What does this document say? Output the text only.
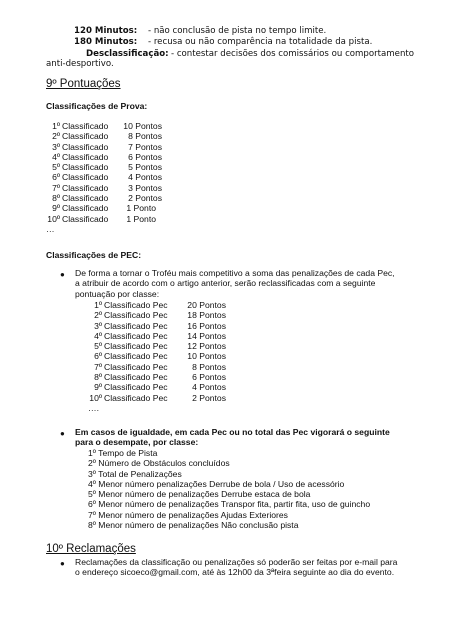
120 Minutos: - não conclusão de pista no tempo limite.
180 Minutos: - recusa ou não comparência na totalidade da pista.
Desclassificação: - contestar decisões dos comissários ou comportamento
anti-desportivo.
9º Pontuações
Classificações de Prova:
1º Classificado 10 Pontos
2º Classificado 8 Pontos
3º Classificado 7 Pontos
4º Classificado 6 Pontos
5º Classificado 5 Pontos
6º Classificado 4 Pontos
7º Classificado 3 Pontos
8º Classificado 2 Pontos
9º Classificado 1 Ponto
10º Classificado 1 Ponto
…
Classificações de PEC:
● De forma a tornar o Troféu mais competitivo a soma das penalizações de cada Pec,
a atribuir de acordo com o artigo anterior, serão reclassificadas com a seguinte
pontuação por classe:
1º Classificado Pec 20 Pontos
2º Classificado Pec 18 Pontos
3º Classificado Pec 16 Pontos
4º Classificado Pec 14 Pontos
5º Classificado Pec 12 Pontos
6º Classificado Pec 10 Pontos
7º Classificado Pec	8 Pontos
8º Classificado Pec	6 Pontos
9º Classificado Pec	4 Pontos
10º Classificado Pec	2 Pontos
….
● Em casos de igualdade, em cada Pec ou no total das Pec vigorará o seguinte
para o desempate, por classe:
1º Tempo de Pista
2º Número de Obstáculos concluídos
3º Total de Penalizações
4º Menor número penalizações Derrube de bola / Uso de acessório
5º Menor número de penalizações Derrube estaca de bola
6º Menor número de penalizações Transpor fita, partir fita, uso de guincho
7º Menor número de penalizações Ajudas Exteriores
8º Menor número de penalizações Não conclusão pista
10º Reclamações
● Reclamações da classificação ou penalizações só poderão ser feitas por e-mail para
o endereço sicoeco@gmail.com, até às 12h00 da 3ªfeira seguinte ao dia do evento.
